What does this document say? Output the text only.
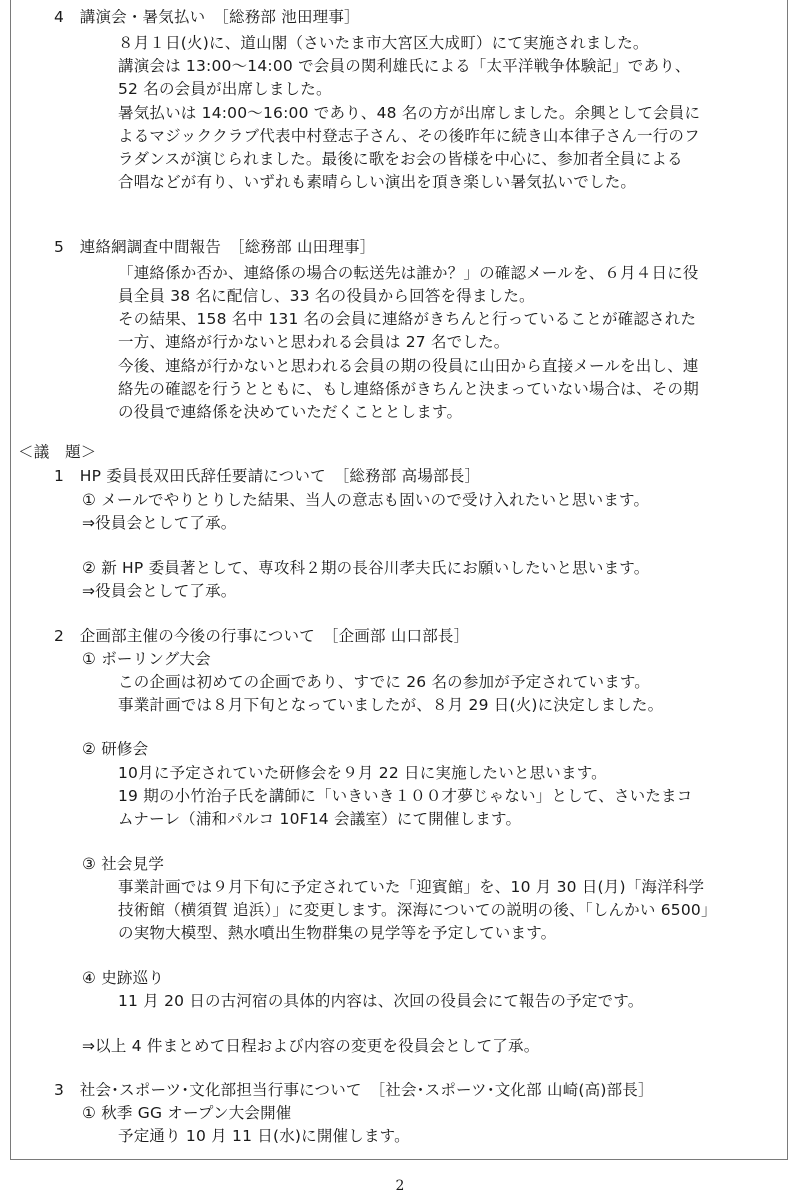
4　講演会・暑気払い　［総務部 池田理事］
８月１日(火)に、道山閣（さいたま市大宮区大成町）にて実施されました。
講演会は 13:00～14:00 で会員の関利雄氏による「太平洋戦争体験記」であり、
52 名の会員が出席しました。
暑気払いは 14:00～16:00 であり、48 名の方が出席しました。余興として会員に
よるマジッククラブ代表中村登志子さん、その後昨年に続き山本律子さん一行のフ
ラダンスが演じられました。最後に歌をお会の皆様を中心に、参加者全員による
合唱などが有り、いずれも素晴らしい演出を頂き楽しい暑気払いでした。
5　連絡網調査中間報告　［総務部 山田理事］
「連絡係か否か、連絡係の場合の転送先は誰か？」の確認メールを、６月４日に役
員全員 38 名に配信し、33 名の役員から回答を得ました。
その結果、158 名中 131 名の会員に連絡がきちんと行っていることが確認された
一方、連絡が行かないと思われる会員は 27 名でした。
今後、連絡が行かないと思われる会員の期の役員に山田から直接メールを出し、連
絡先の確認を行うとともに、もし連絡係がきちんと決まっていない場合は、その期
の役員で連絡係を決めていただくこととします。
＜議　題＞
1　HP 委員長双田氏辞任要請について　［総務部 高場部長］
① メールでやりとりした結果、当人の意志も固いので受け入れたいと思います。
⇒役員会として了承。
② 新 HP 委員著として、専攻科２期の長谷川孝夫氏にお願いしたいと思います。
⇒役員会として了承。
2　企画部主催の今後の行事について　［企画部 山口部長］
① ボーリング大会
この企画は初めての企画であり、すでに 26 名の参加が予定されています。
事業計画では８月下旬となっていましたが、８月 29 日(火)に決定しました。
② 研修会
10月に予定されていた研修会を９月 22 日に実施したいと思います。
19 期の小竹治子氏を講師に「いきいき１００才夢じゃない」として、さいたまコ
ムナーレ（浦和パルコ 10F14 会議室）にて開催します。
③ 社会見学
事業計画では９月下旬に予定されていた「迎賓館」を、10 月 30 日(月)「海洋科学
技術館（横須賀 追浜）」に変更します。深海についての説明の後、「しんかい 6500」
の実物大模型、熱水噴出生物群集の見学等を予定しています。
④ 史跡巡り
11 月 20 日の古河宿の具体的内容は、次回の役員会にて報告の予定です。
⇒以上 4 件まとめて日程および内容の変更を役員会として了承。
3　社会･スポーツ･文化部担当行事について　［社会･スポーツ･文化部 山崎(高)部長］
① 秋季 GG オープン大会開催
予定通り 10 月 11 日(水)に開催します。
2
